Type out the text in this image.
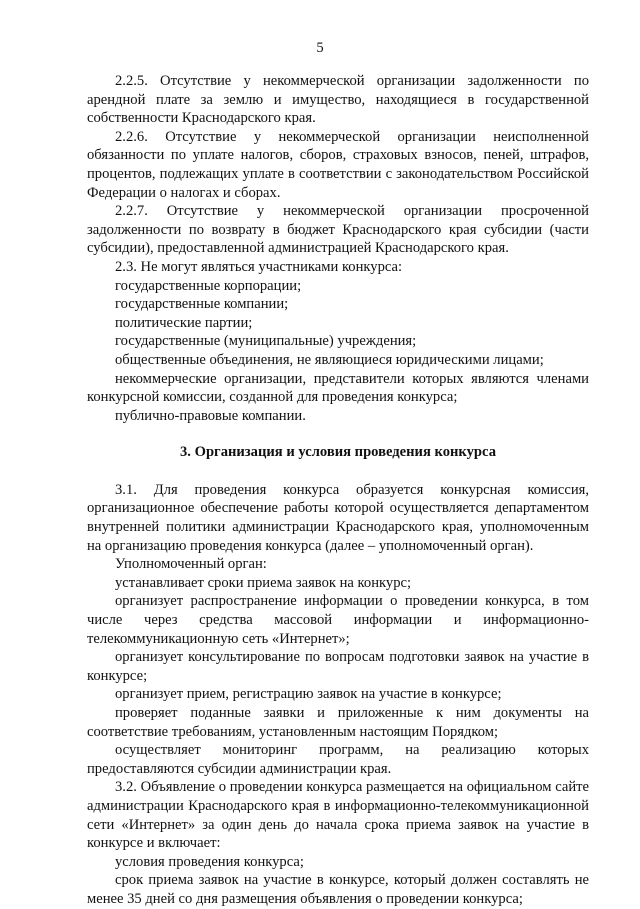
5

2.2.5. Отсутствие у некоммерческой организации задолженности по арендной плате за землю и имущество, находящиеся в государственной собственности Краснодарского края.

2.2.6. Отсутствие у некоммерческой организации неисполненной обязанности по уплате налогов, сборов, страховых взносов, пеней, штрафов, процентов, подлежащих уплате в соответствии с законодательством Российской Федерации о налогах и сборах.

2.2.7. Отсутствие у некоммерческой организации просроченной задолженности по возврату в бюджет Краснодарского края субсидии (части субсидии), предоставленной администрацией Краснодарского края.

2.3. Не могут являться участниками конкурса:

государственные корпорации;

государственные компании;

политические партии;

государственные (муниципальные) учреждения;

общественные объединения, не являющиеся юридическими лицами;

некоммерческие организации, представители которых являются членами конкурсной комиссии, созданной для проведения конкурса;

публично-правовые компании.

3. Организация и условия проведения конкурса

3.1. Для проведения конкурса образуется конкурсная комиссия, организационное обеспечение работы которой осуществляется департаментом внутренней политики администрации Краснодарского края, уполномоченным на организацию проведения конкурса (далее – уполномоченный орган).

Уполномоченный орган:

устанавливает сроки приема заявок на конкурс;

организует распространение информации о проведении конкурса, в том числе через средства массовой информации и информационно-телекоммуникационную сеть «Интернет»;

организует консультирование по вопросам подготовки заявок на участие в конкурсе;

организует прием, регистрацию заявок на участие в конкурсе;

проверяет поданные заявки и приложенные к ним документы на соответствие требованиям, установленным настоящим Порядком;

осуществляет мониторинг программ, на реализацию которых предоставляются субсидии администрации края.

3.2. Объявление о проведении конкурса размещается на официальном сайте администрации Краснодарского края в информационно-телекоммуникационной сети «Интернет» за один день до начала срока приема заявок на участие в конкурсе и включает:

условия проведения конкурса;

срок приема заявок на участие в конкурсе, который должен составлять не менее 35 дней со дня размещения объявления о проведении конкурса;
